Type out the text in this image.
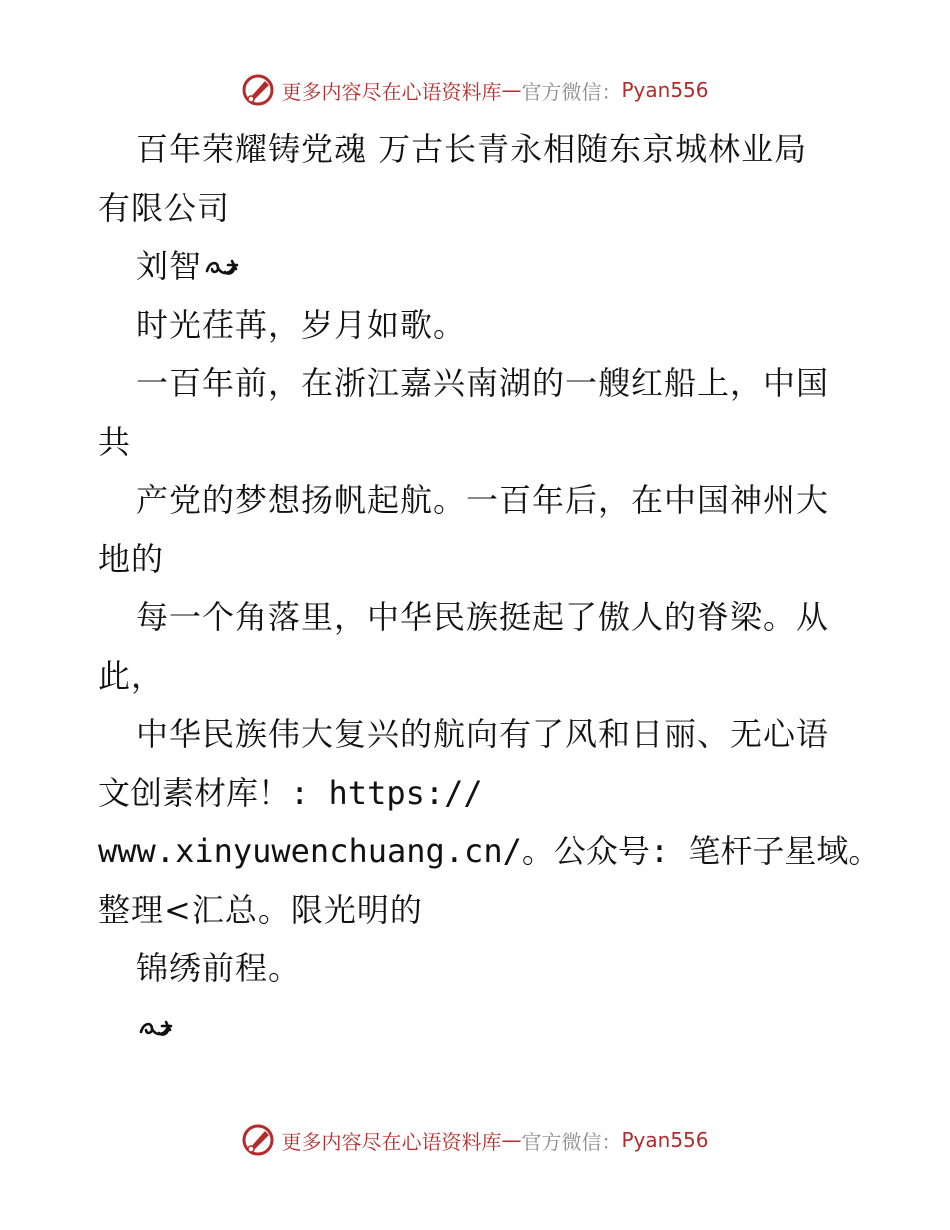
更多内容尽在心语资料库 — 官方微信： Pyan556
百年荣耀铸党魂 万古长青永相随东京城林业局
有限公司
刘智
时光荏苒，岁月如歌。
一百年前，在浙江嘉兴南湖的一艘红船上，中国
共
产党的梦想扬帆起航。一百年后，在中国神州大
地的
每一个角落里，中华民族挺起了傲人的脊梁。从
此，
中华民族伟大复兴的航向有了风和日丽、无心语
文创素材库！: https://
www.xinyuwenchuang.cn/。公众号: 笔杆子星域。
整理<汇总。限光明的
锦绣前程。
更多内容尽在心语资料库 — 官方微信： Pyan556
